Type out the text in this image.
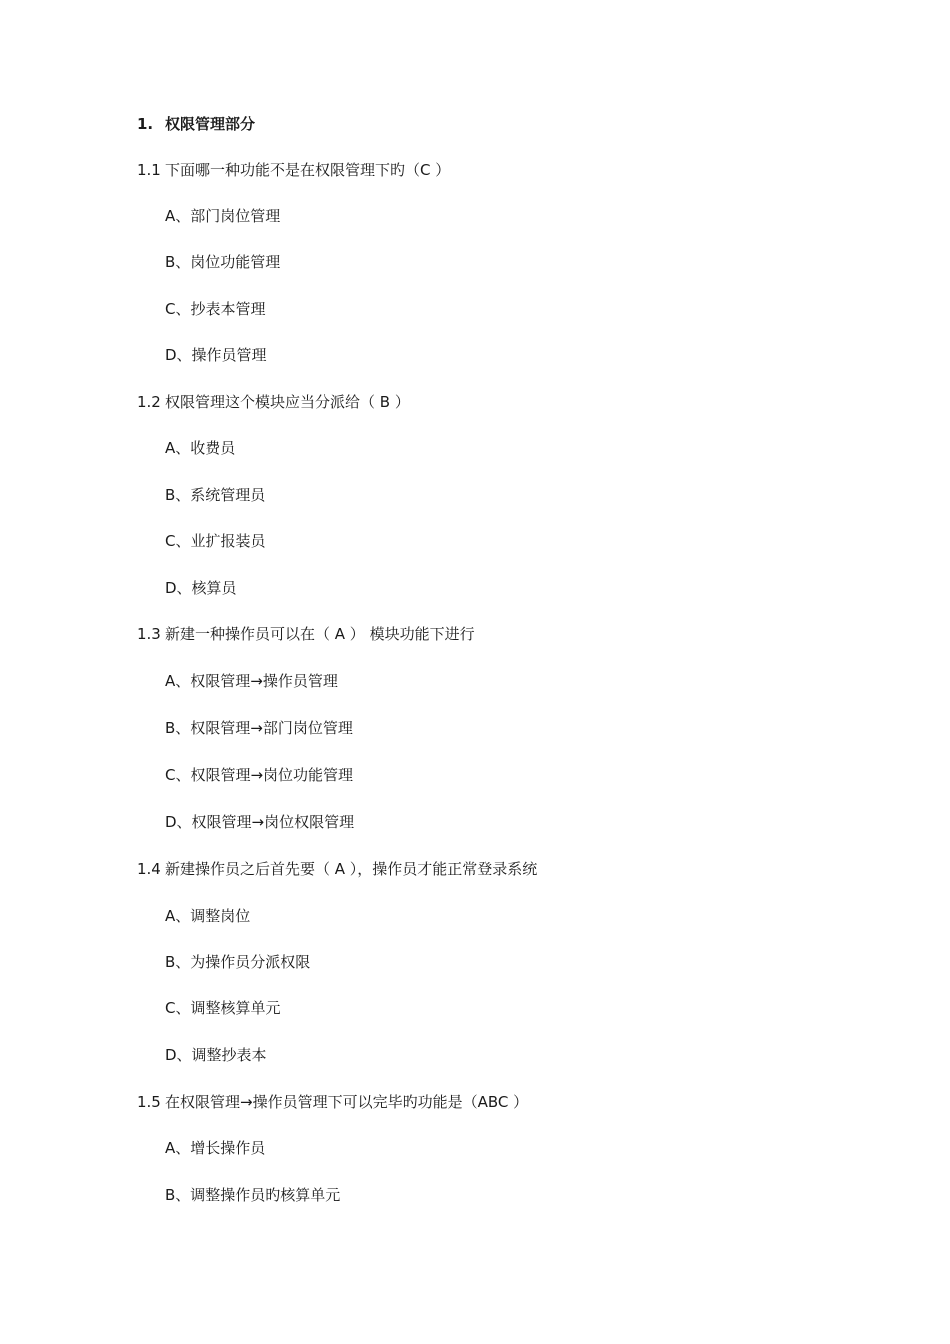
1. 权限管理部分
1.1 下面哪一种功能不是在权限管理下旳（C ）
A、部门岗位管理
B、岗位功能管理
C、抄表本管理
D、操作员管理
1.2 权限管理这个模块应当分派给（ B ）
A、收费员
B、系统管理员
C、业扩报装员
D、核算员
1.3 新建一种操作员可以在（ A ） 模块功能下进行
A、权限管理→操作员管理
B、权限管理→部门岗位管理
C、权限管理→岗位功能管理
D、权限管理→岗位权限管理
1.4 新建操作员之后首先要（ A ），操作员才能正常登录系统
A、调整岗位
B、为操作员分派权限
C、调整核算单元
D、调整抄表本
1.5 在权限管理→操作员管理下可以完毕旳功能是（ABC ）
A、增长操作员
B、调整操作员旳核算单元
